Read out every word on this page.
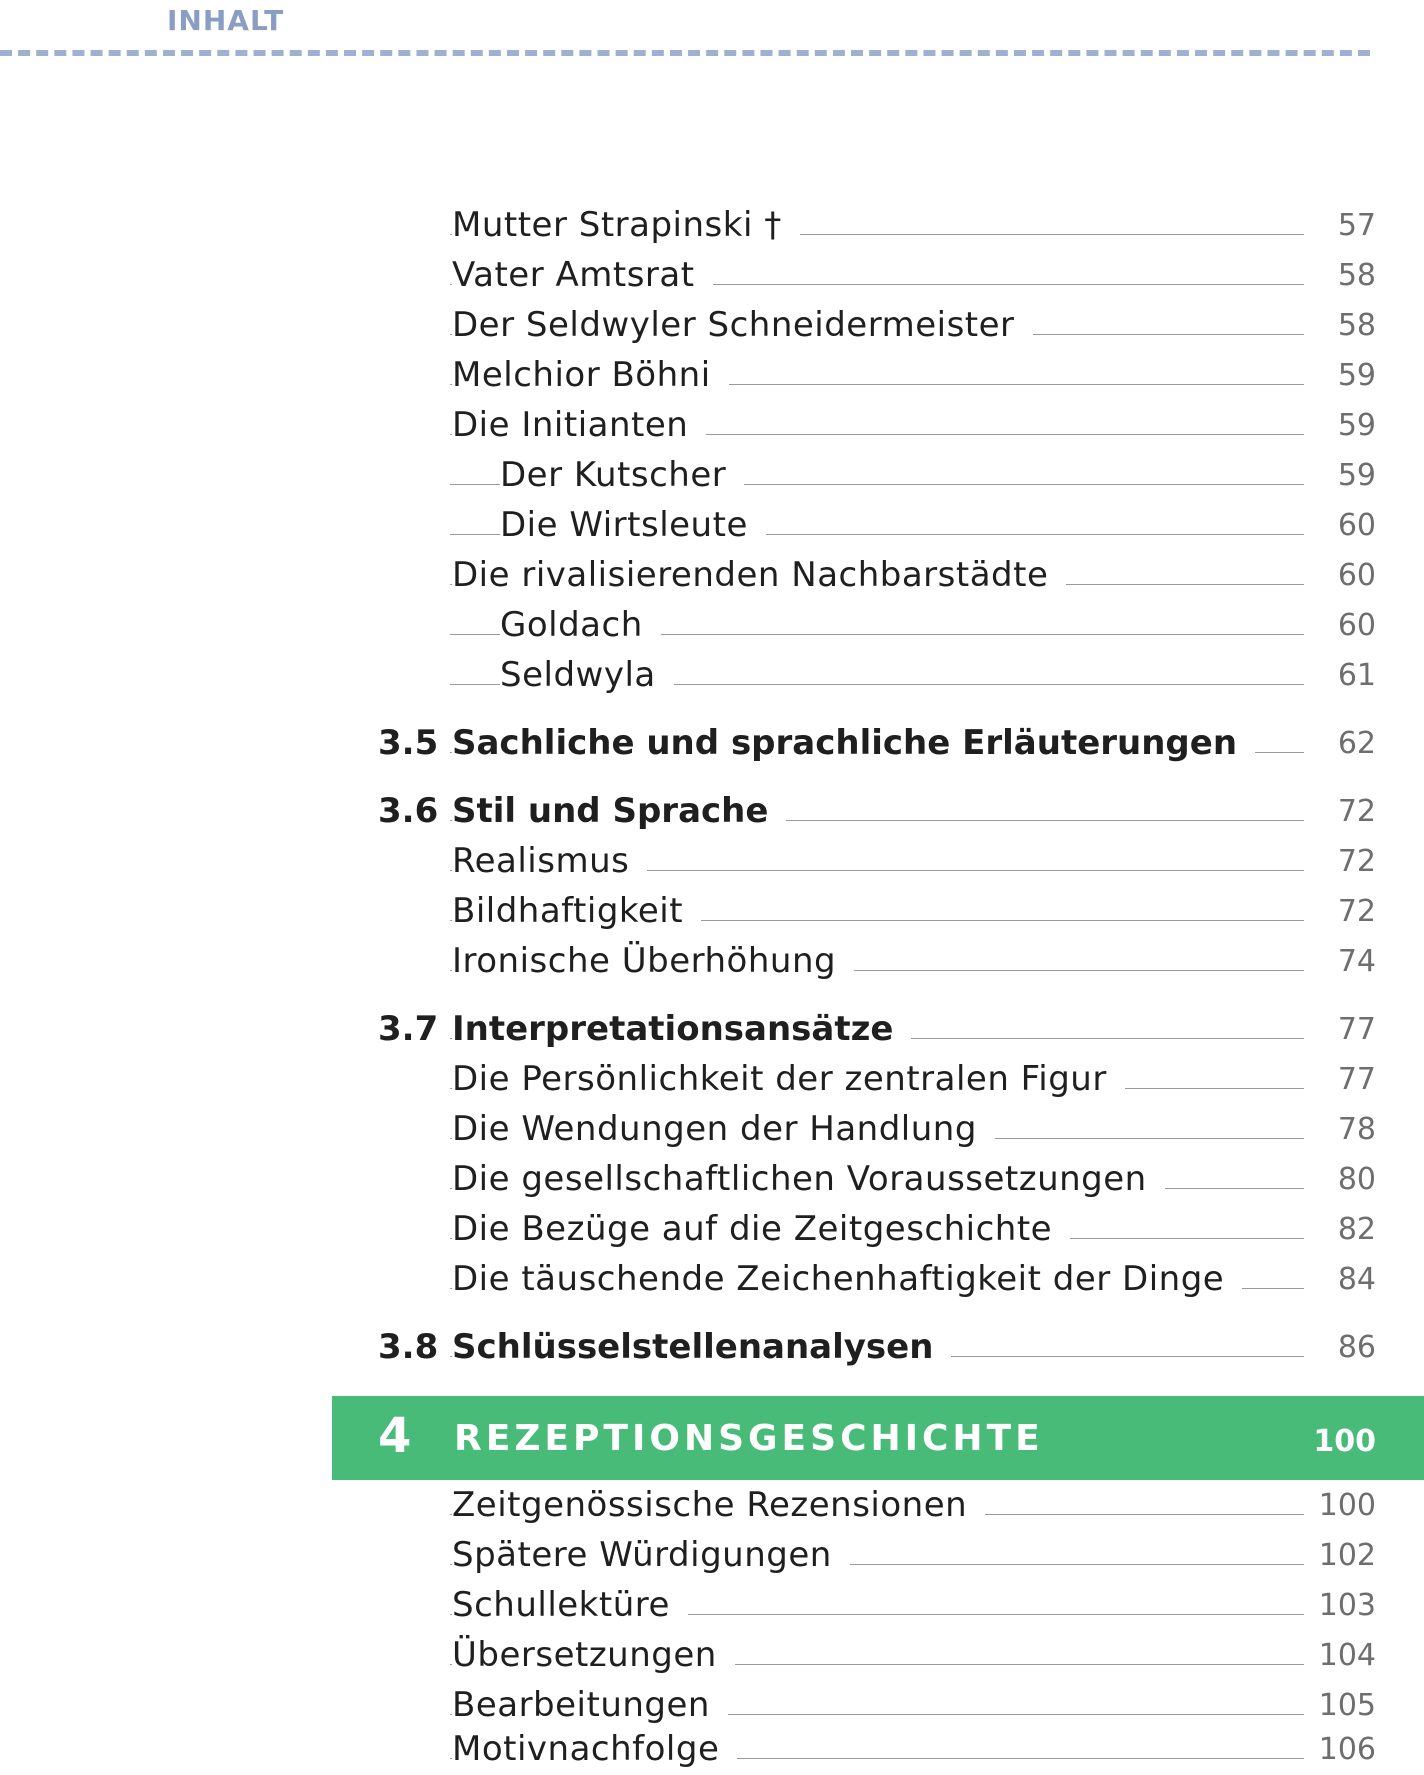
INHALT
Mutter Strapinski †	57
Vater Amtsrat	58
Der Seldwyler Schneidermeister	58
Melchior Böhni	59
Die Initianten	59
Der Kutscher	59
Die Wirtsleute	60
Die rivalisierenden Nachbarstädte	60
Goldach	60
Seldwyla	61
3.5 Sachliche und sprachliche Erläuterungen	62
3.6 Stil und Sprache	72
Realismus	72
Bildhaftigkeit	72
Ironische Überhöhung	74
3.7 Interpretationsansätze	77
Die Persönlichkeit der zentralen Figur	77
Die Wendungen der Handlung	78
Die gesellschaftlichen Voraussetzungen	80
Die Bezüge auf die Zeitgeschichte	82
Die täuschende Zeichenhaftigkeit der Dinge	84
3.8 Schlüsselstellenanalysen	86
4 REZEPTIONSGESCHICHTE	100
Zeitgenössische Rezensionen	100
Spätere Würdigungen	102
Schullektüre	103
Übersetzungen	104
Bearbeitungen	105
Motivnachfolge	106
